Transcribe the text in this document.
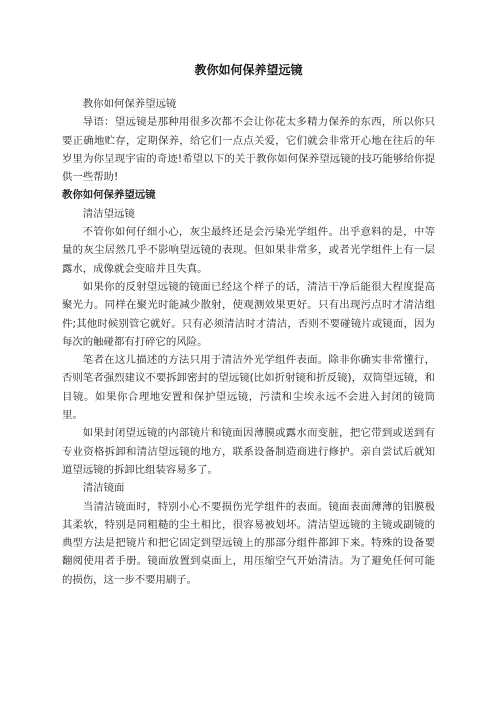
教你如何保养望远镜

教你如何保养望远镜

导语：望远镜是那种用很多次都不会让你花太多精力保养的东西，所以你只要正确地贮存，定期保养，给它们一点点关爱，它们就会非常开心地在往后的年岁里为你呈现宇宙的奇迹!希望以下的关于教你如何保养望远镜的技巧能够给你提供一些帮助!

教你如何保养望远镜

清洁望远镜

不管你如何仔细小心，灰尘最终还是会污染光学组件。出乎意料的是，中等量的灰尘居然几乎不影响望远镜的表现。但如果非常多，或者光学组件上有一层露水，成像就会变暗并且失真。

如果你的反射望远镜的镜面已经这个样子的话，清洁干净后能很大程度提高聚光力。同样在聚光时能减少散射，使观测效果更好。只有出现污点时才清洁组件;其他时候别管它就好。只有必须清洁时才清洁，否则不要碰镜片或镜面，因为每次的触碰都有打碎它的风险。

笔者在这儿描述的方法只用于清洁外光学组件表面。除非你确实非常懂行，否则笔者强烈建议不要拆卸密封的望远镜(比如折射镜和折反镜)，双筒望远镜，和目镜。如果你合理地安置和保护望远镜，污渍和尘埃永远不会进入封闭的镜筒里。

如果封闭望远镜的内部镜片和镜面因薄膜或露水而变脏，把它带到或送到有专业资格拆卸和清洁望远镜的地方，联系设备制造商进行修护。亲自尝试后就知道望远镜的拆卸比组装容易多了。

清洁镜面

当清洁镜面时，特别小心不要损伤光学组件的表面。镜面表面薄薄的铝膜极其柔软，特别是同粗糙的尘土相比，很容易被划坏。清洁望远镜的主镜或副镜的典型方法是把镜片和把它固定到望远镜上的那部分组件都卸下来。特殊的设备要翻阅使用者手册。镜面放置到桌面上，用压缩空气开始清洁。为了避免任何可能的损伤，这一步不要用刷子。
